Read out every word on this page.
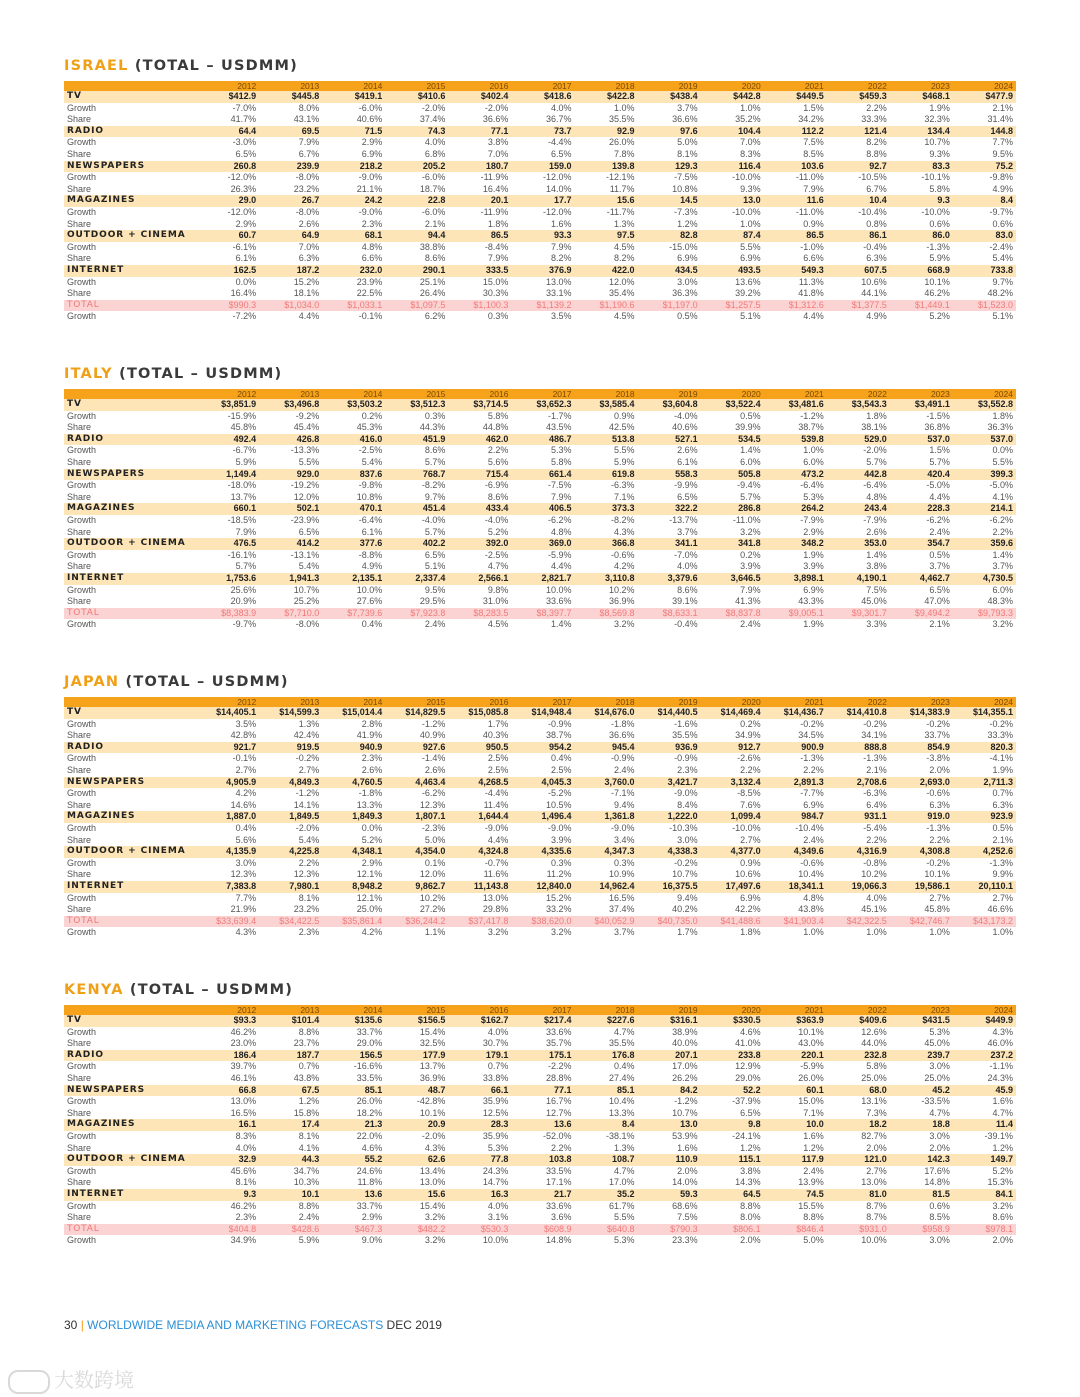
ISRAEL (TOTAL – USDMM)
	2012	2013	2014	2015	2016	2017	2018	2019	2020	2021	2022	2023	2024
TV	$412.9	$445.8	$419.1	$410.6	$402.4	$418.6	$422.8	$438.4	$442.8	$449.5	$459.3	$468.1	$477.9
Growth	-7.0%	8.0%	-6.0%	-2.0%	-2.0%	4.0%	1.0%	3.7%	1.0%	1.5%	2.2%	1.9%	2.1%
Share	41.7%	43.1%	40.6%	37.4%	36.6%	36.7%	35.5%	36.6%	35.2%	34.2%	33.3%	32.3%	31.4%
RADIO	64.4	69.5	71.5	74.3	77.1	73.7	92.9	97.6	104.4	112.2	121.4	134.4	144.8
Growth	-3.0%	7.9%	2.9%	4.0%	3.8%	-4.4%	26.0%	5.0%	7.0%	7.5%	8.2%	10.7%	7.7%
Share	6.5%	6.7%	6.9%	6.8%	7.0%	6.5%	7.8%	8.1%	8.3%	8.5%	8.8%	9.3%	9.5%
NEWSPAPERS	260.8	239.9	218.2	205.2	180.7	159.0	139.8	129.3	116.4	103.6	92.7	83.3	75.2
Growth	-12.0%	-8.0%	-9.0%	-6.0%	-11.9%	-12.0%	-12.1%	-7.5%	-10.0%	-11.0%	-10.5%	-10.1%	-9.8%
Share	26.3%	23.2%	21.1%	18.7%	16.4%	14.0%	11.7%	10.8%	9.3%	7.9%	6.7%	5.8%	4.9%
MAGAZINES	29.0	26.7	24.2	22.8	20.1	17.7	15.6	14.5	13.0	11.6	10.4	9.3	8.4
Growth	-12.0%	-8.0%	-9.0%	-6.0%	-11.9%	-12.0%	-11.7%	-7.3%	-10.0%	-11.0%	-10.4%	-10.0%	-9.7%
Share	2.9%	2.6%	2.3%	2.1%	1.8%	1.6%	1.3%	1.2%	1.0%	0.9%	0.8%	0.6%	0.6%
OUTDOOR + CINEMA	60.7	64.9	68.1	94.4	86.5	93.3	97.5	82.8	87.4	86.5	86.1	86.0	83.0
Growth	-6.1%	7.0%	4.8%	38.8%	-8.4%	7.9%	4.5%	-15.0%	5.5%	-1.0%	-0.4%	-1.3%	-2.4%
Share	6.1%	6.3%	6.6%	8.6%	7.9%	8.2%	8.2%	6.9%	6.9%	6.6%	6.3%	5.9%	5.4%
INTERNET	162.5	187.2	232.0	290.1	333.5	376.9	422.0	434.5	493.5	549.3	607.5	668.9	733.8
Growth	0.0%	15.2%	23.9%	25.1%	15.0%	13.0%	12.0%	3.0%	13.6%	11.3%	10.6%	10.1%	9.7%
Share	16.4%	18.1%	22.5%	26.4%	30.3%	33.1%	35.4%	36.3%	39.2%	41.8%	44.1%	46.2%	48.2%
TOTAL	$990.3	$1,034.0	$1,033.1	$1,097.5	$1,100.3	$1,139.2	$1,190.6	$1,197.0	$1,257.5	$1,312.6	$1,377.5	$1,449.1	$1,523.0
Growth	-7.2%	4.4%	-0.1%	6.2%	0.3%	3.5%	4.5%	0.5%	5.1%	4.4%	4.9%	5.2%	5.1%
ITALY (TOTAL – USDMM)
	2012	2013	2014	2015	2016	2017	2018	2019	2020	2021	2022	2023	2024
TV	$3,851.9	$3,496.8	$3,503.2	$3,512.3	$3,714.5	$3,652.3	$3,585.4	$3,604.8	$3,522.4	$3,481.6	$3,543.3	$3,491.1	$3,552.8
Growth	-15.9%	-9.2%	0.2%	0.3%	5.8%	-1.7%	0.9%	-4.0%	0.5%	-1.2%	1.8%	-1.5%	1.8%
Share	45.8%	45.4%	45.3%	44.3%	44.8%	43.5%	42.5%	40.6%	39.9%	38.7%	38.1%	36.8%	36.3%
RADIO	492.4	426.8	416.0	451.9	462.0	486.7	513.8	527.1	534.5	539.8	529.0	537.0	537.0
Growth	-6.7%	-13.3%	-2.5%	8.6%	2.2%	5.3%	5.5%	2.6%	1.4%	1.0%	-2.0%	1.5%	0.0%
Share	5.9%	5.5%	5.4%	5.7%	5.6%	5.8%	5.9%	6.1%	6.0%	6.0%	5.7%	5.7%	5.5%
NEWSPAPERS	1,149.4	929.0	837.6	768.7	715.4	661.4	619.8	558.3	505.8	473.2	442.8	420.4	399.3
Growth	-18.0%	-19.2%	-9.8%	-8.2%	-6.9%	-7.5%	-6.3%	-9.9%	-9.4%	-6.4%	-6.4%	-5.0%	-5.0%
Share	13.7%	12.0%	10.8%	9.7%	8.6%	7.9%	7.1%	6.5%	5.7%	5.3%	4.8%	4.4%	4.1%
MAGAZINES	660.1	502.1	470.1	451.4	433.4	406.5	373.3	322.2	286.8	264.2	243.4	228.3	214.1
Growth	-18.5%	-23.9%	-6.4%	-4.0%	-4.0%	-6.2%	-8.2%	-13.7%	-11.0%	-7.9%	-7.9%	-6.2%	-6.2%
Share	7.9%	6.5%	6.1%	5.7%	5.2%	4.8%	4.3%	3.7%	3.2%	2.9%	2.6%	2.4%	2.2%
OUTDOOR + CINEMA	476.5	414.2	377.6	402.2	392.0	369.0	366.8	341.1	341.8	348.2	353.0	354.7	359.6
Growth	-16.1%	-13.1%	-8.8%	6.5%	-2.5%	-5.9%	-0.6%	-7.0%	0.2%	1.9%	1.4%	0.5%	1.4%
Share	5.7%	5.4%	4.9%	5.1%	4.7%	4.4%	4.2%	4.0%	3.9%	3.9%	3.8%	3.7%	3.7%
INTERNET	1,753.6	1,941.3	2,135.1	2,337.4	2,566.1	2,821.7	3,110.8	3,379.6	3,646.5	3,898.1	4,190.1	4,462.7	4,730.5
Growth	25.6%	10.7%	10.0%	9.5%	9.8%	10.0%	10.2%	8.6%	7.9%	6.9%	7.5%	6.5%	6.0%
Share	20.9%	25.2%	27.6%	29.5%	31.0%	33.6%	36.9%	39.1%	41.3%	43.3%	45.0%	47.0%	48.3%
TOTAL	$8,383.9	$7,710.0	$7,739.6	$7,923.8	$8,283.5	$8,397.7	$8,569.8	$8,633.1	$8,837.8	$9,005.1	$9,301.7	$9,494.2	$9,793.3
Growth	-9.7%	-8.0%	0.4%	2.4%	4.5%	1.4%	3.2%	-0.4%	2.4%	1.9%	3.3%	2.1%	3.2%
JAPAN (TOTAL – USDMM)
	2012	2013	2014	2015	2016	2017	2018	2019	2020	2021	2022	2023	2024
TV	$14,405.1	$14,599.3	$15,014.4	$14,829.5	$15,085.8	$14,948.4	$14,676.0	$14,440.5	$14,469.4	$14,436.7	$14,410.8	$14,383.9	$14,355.1
Growth	3.5%	1.3%	2.8%	-1.2%	1.7%	-0.9%	-1.8%	-1.6%	0.2%	-0.2%	-0.2%	-0.2%	-0.2%
Share	42.8%	42.4%	41.9%	40.9%	40.3%	38.7%	36.6%	35.5%	34.9%	34.5%	34.1%	33.7%	33.3%
RADIO	921.7	919.5	940.9	927.6	950.5	954.2	945.4	936.9	912.7	900.9	888.8	854.9	820.3
Growth	-0.1%	-0.2%	2.3%	-1.4%	2.5%	0.4%	-0.9%	-0.9%	-2.6%	-1.3%	-1.3%	-3.8%	-4.1%
Share	2.7%	2.7%	2.6%	2.6%	2.5%	2.5%	2.4%	2.3%	2.2%	2.2%	2.1%	2.0%	1.9%
NEWSPAPERS	4,905.9	4,849.3	4,760.5	4,463.4	4,268.5	4,045.3	3,760.0	3,421.7	3,132.4	2,891.3	2,708.6	2,693.0	2,711.3
Growth	4.2%	-1.2%	-1.8%	-6.2%	-4.4%	-5.2%	-7.1%	-9.0%	-8.5%	-7.7%	-6.3%	-0.6%	0.7%
Share	14.6%	14.1%	13.3%	12.3%	11.4%	10.5%	9.4%	8.4%	7.6%	6.9%	6.4%	6.3%	6.3%
MAGAZINES	1,887.0	1,849.5	1,849.3	1,807.1	1,644.4	1,496.4	1,361.8	1,222.0	1,099.4	984.7	931.1	919.0	923.9
Growth	0.4%	-2.0%	0.0%	-2.3%	-9.0%	-9.0%	-9.0%	-10.3%	-10.0%	-10.4%	-5.4%	-1.3%	0.5%
Share	5.6%	5.4%	5.2%	5.0%	4.4%	3.9%	3.4%	3.0%	2.7%	2.4%	2.2%	2.2%	2.1%
OUTDOOR + CINEMA	4,135.9	4,225.8	4,348.1	4,354.0	4,324.8	4,335.6	4,347.3	4,338.3	4,377.0	4,349.6	4,316.9	4,308.8	4,252.6
Growth	3.0%	2.2%	2.9%	0.1%	-0.7%	0.3%	0.3%	-0.2%	0.9%	-0.6%	-0.8%	-0.2%	-1.3%
Share	12.3%	12.3%	12.1%	12.0%	11.6%	11.2%	10.9%	10.7%	10.6%	10.4%	10.2%	10.1%	9.9%
INTERNET	7,383.8	7,980.1	8,948.2	9,862.7	11,143.8	12,840.0	14,962.4	16,375.5	17,497.6	18,341.1	19,066.3	19,586.1	20,110.1
Growth	7.7%	8.1%	12.1%	10.2%	13.0%	15.2%	16.5%	9.4%	6.9%	4.8%	4.0%	2.7%	2.7%
Share	21.9%	23.2%	25.0%	27.2%	29.8%	33.2%	37.4%	40.2%	42.2%	43.8%	45.1%	45.8%	46.6%
TOTAL	$33,639.4	$34,422.5	$35,861.4	$36,244.2	$37,417.8	$38,620.0	$40,052.9	$40,735.0	$41,488.6	$41,903.4	$42,322.5	$42,746.7	$43,173.2
Growth	4.3%	2.3%	4.2%	1.1%	3.2%	3.2%	3.7%	1.7%	1.8%	1.0%	1.0%	1.0%	1.0%
KENYA (TOTAL – USDMM)
	2012	2013	2014	2015	2016	2017	2018	2019	2020	2021	2022	2023	2024
TV	$93.3	$101.4	$135.6	$156.5	$162.7	$217.4	$227.6	$316.1	$330.5	$363.9	$409.6	$431.5	$449.9
Growth	46.2%	8.8%	33.7%	15.4%	4.0%	33.6%	4.7%	38.9%	4.6%	10.1%	12.6%	5.3%	4.3%
Share	23.0%	23.7%	29.0%	32.5%	30.7%	35.7%	35.5%	40.0%	41.0%	43.0%	44.0%	45.0%	46.0%
RADIO	186.4	187.7	156.5	177.9	179.1	175.1	176.8	207.1	233.8	220.1	232.8	239.7	237.2
Growth	39.7%	0.7%	-16.6%	13.7%	0.7%	-2.2%	0.4%	17.0%	12.9%	-5.9%	5.8%	3.0%	-1.1%
Share	46.1%	43.8%	33.5%	36.9%	33.8%	28.8%	27.4%	26.2%	29.0%	26.0%	25.0%	25.0%	24.3%
NEWSPAPERS	66.8	67.5	85.1	48.7	66.1	77.1	85.1	84.2	52.2	60.1	68.0	45.2	45.9
Growth	13.0%	1.2%	26.0%	-42.8%	35.9%	16.7%	10.4%	-1.2%	-37.9%	15.0%	13.1%	-33.5%	1.6%
Share	16.5%	15.8%	18.2%	10.1%	12.5%	12.7%	13.3%	10.7%	6.5%	7.1%	7.3%	4.7%	4.7%
MAGAZINES	16.1	17.4	21.3	20.9	28.3	13.6	8.4	13.0	9.8	10.0	18.2	18.8	11.4
Growth	8.3%	8.1%	22.0%	-2.0%	35.9%	-52.0%	-38.1%	53.9%	-24.1%	1.6%	82.7%	3.0%	-39.1%
Share	4.0%	4.1%	4.6%	4.3%	5.3%	2.2%	1.3%	1.6%	1.2%	1.2%	2.0%	2.0%	1.2%
OUTDOOR + CINEMA	32.9	44.3	55.2	62.6	77.8	103.8	108.7	110.9	115.1	117.9	121.0	142.3	149.7
Growth	45.6%	34.7%	24.6%	13.4%	24.3%	33.5%	4.7%	2.0%	3.8%	2.4%	2.7%	17.6%	5.2%
Share	8.1%	10.3%	11.8%	13.0%	14.7%	17.1%	17.0%	14.0%	14.3%	13.9%	13.0%	14.8%	15.3%
INTERNET	9.3	10.1	13.6	15.6	16.3	21.7	35.2	59.3	64.5	74.5	81.0	81.5	84.1
Growth	46.2%	8.8%	33.7%	15.4%	4.0%	33.6%	61.7%	68.6%	8.8%	15.5%	8.7%	0.6%	3.2%
Share	2.3%	2.4%	2.9%	3.2%	3.1%	3.6%	5.5%	7.5%	8.0%	8.8%	8.7%	8.5%	8.6%
TOTAL	$404.8	$428.6	$467.3	$482.2	$530.3	$608.9	$640.8	$790.3	$806.1	$846.4	$931.0	$958.9	$978.1
Growth	34.9%	5.9%	9.0%	3.2%	10.0%	14.8%	5.3%	23.3%	2.0%	5.0%	10.0%	3.0%	2.0%
30 | WORLDWIDE MEDIA AND MARKETING FORECASTS DEC 2019
大数跨境
